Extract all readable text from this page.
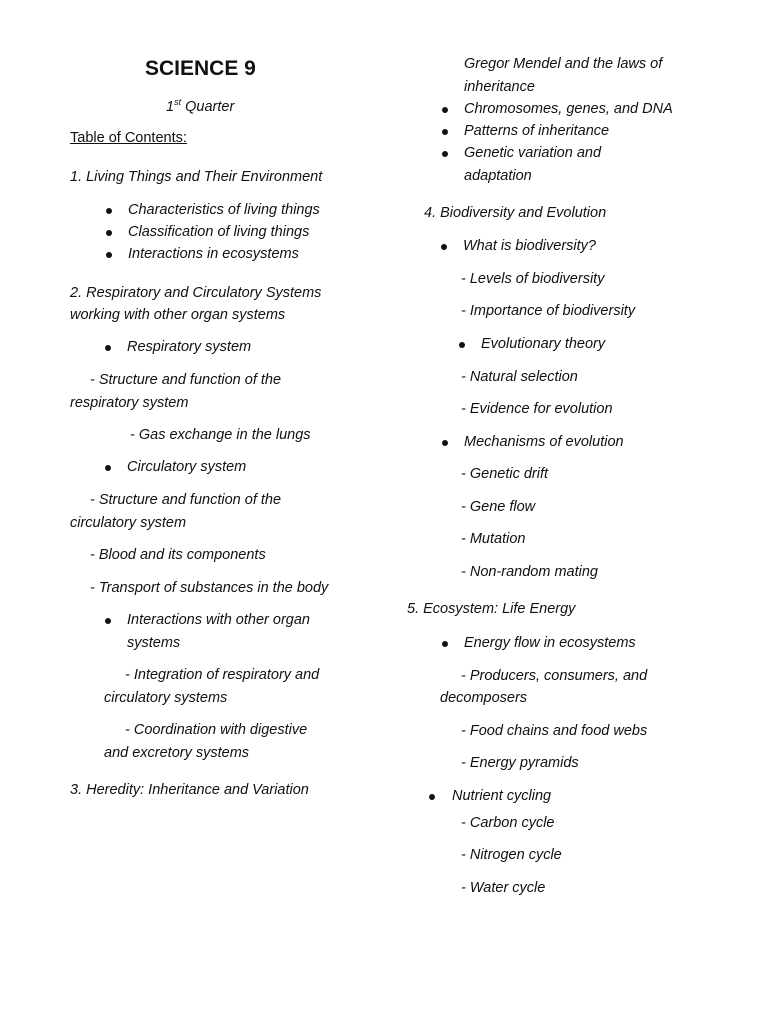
SCIENCE 9
1st Quarter
Table of Contents:
1. Living Things and Their Environment
Characteristics of living things
Classification of living things
Interactions in ecosystems
2. Respiratory and Circulatory Systems
working with other organ systems
Respiratory system
- Structure and function of the
respiratory system
- Gas exchange in the lungs
Circulatory system
- Structure and function of the
circulatory system
- Blood and its components
- Transport of substances in the body
Interactions with other organ
systems
- Integration of respiratory and
circulatory systems
- Coordination with digestive
and excretory systems
3. Heredity: Inheritance and Variation
Gregor Mendel and the laws of
inheritance
Chromosomes, genes, and DNA
Patterns of inheritance
Genetic variation and
adaptation
4. Biodiversity and Evolution
What is biodiversity?
- Levels of biodiversity
- Importance of biodiversity
Evolutionary theory
- Natural selection
- Evidence for evolution
Mechanisms of evolution
- Genetic drift
- Gene flow
- Mutation
- Non-random mating
5. Ecosystem: Life Energy
Energy flow in ecosystems
- Producers, consumers, and
decomposers
- Food chains and food webs
- Energy pyramids
Nutrient cycling
- Carbon cycle
- Nitrogen cycle
- Water cycle
